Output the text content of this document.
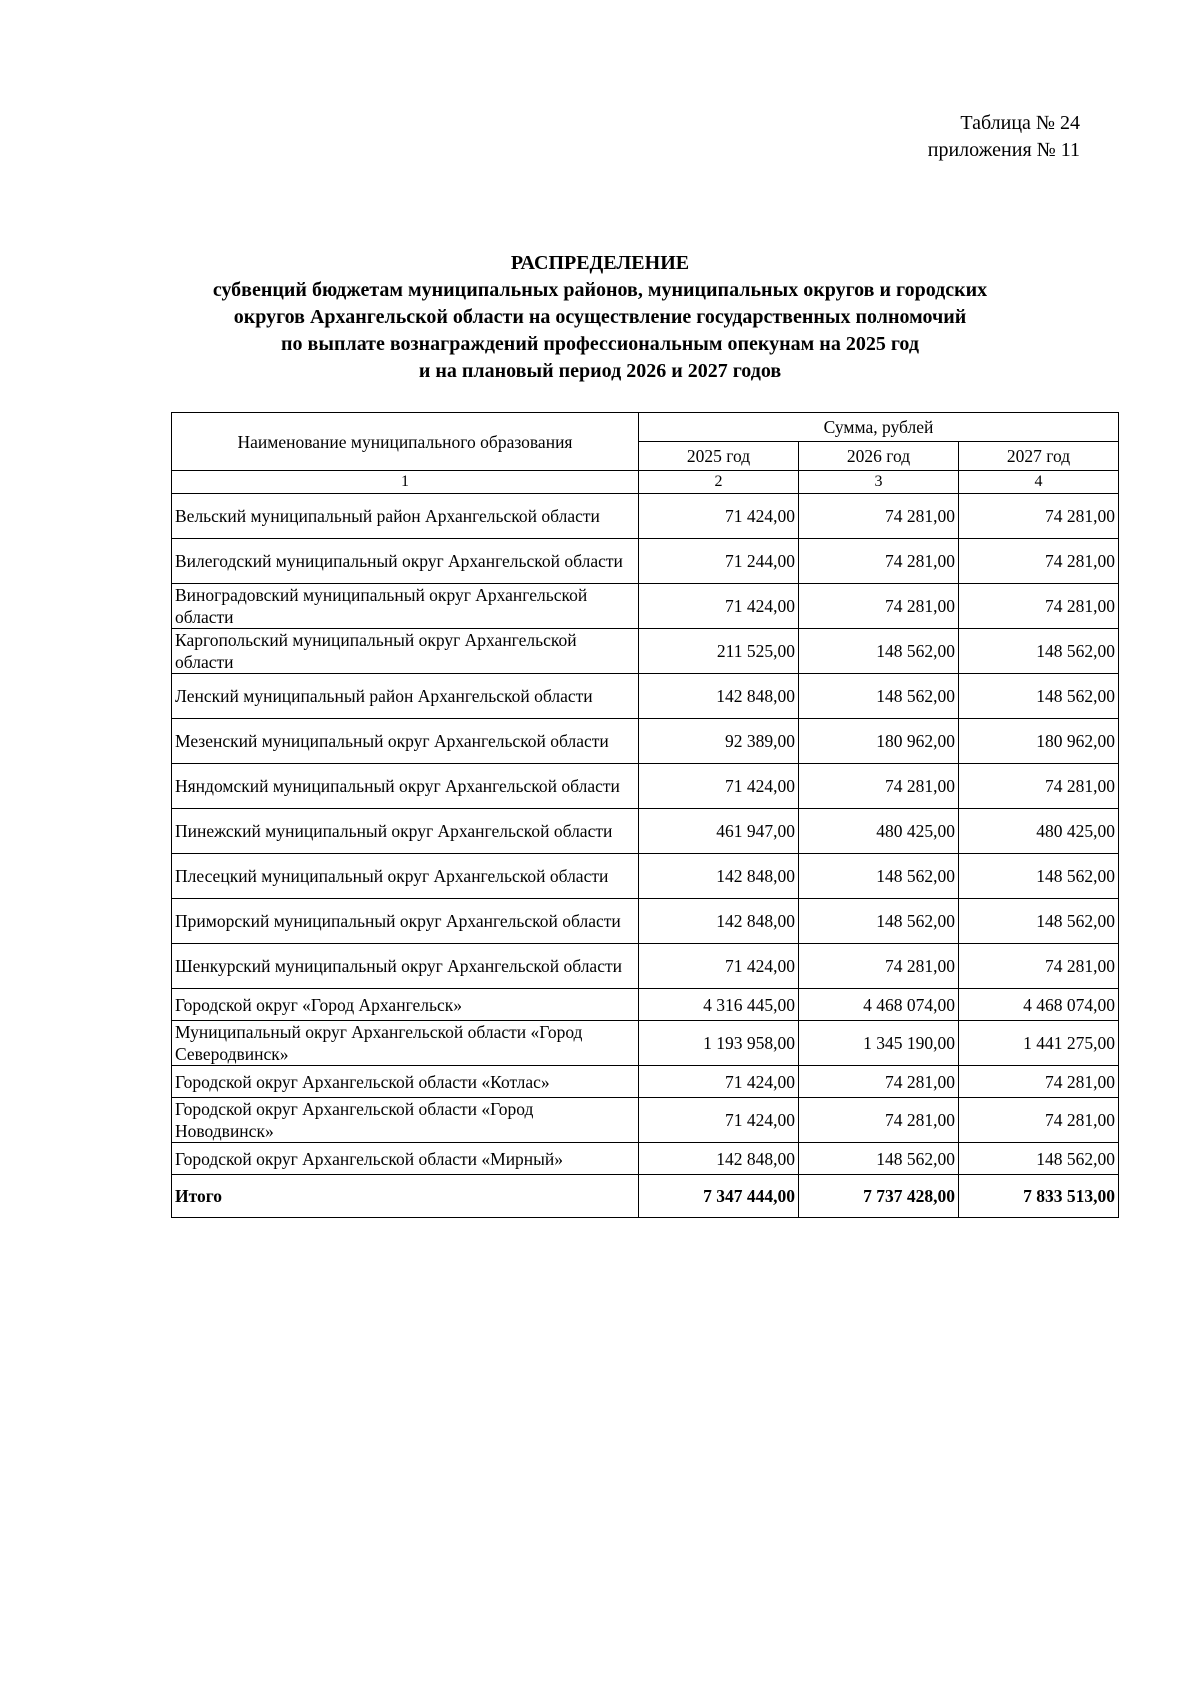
Таблица № 24
приложения № 11
РАСПРЕДЕЛЕНИЕ
субвенций бюджетам муниципальных районов, муниципальных округов и городских
округов Архангельской области на осуществление государственных полномочий
по выплате вознаграждений профессиональным опекунам на 2025 год
и на плановый период 2026 и 2027 годов
Наименование муниципального образования	Сумма, рублей		
	2025 год	2026 год	2027 год
1	2	3	4
Вельский муниципальный район Архангельской области	71 424,00	74 281,00	74 281,00
Вилегодский муниципальный округ Архангельской области	71 244,00	74 281,00	74 281,00
Виноградовский муниципальный округ Архангельской области	71 424,00	74 281,00	74 281,00
Каргопольский муниципальный округ Архангельской области	211 525,00	148 562,00	148 562,00
Ленский муниципальный район Архангельской области	142 848,00	148 562,00	148 562,00
Мезенский муниципальный округ Архангельской области	92 389,00	180 962,00	180 962,00
Няндомский муниципальный округ Архангельской области	71 424,00	74 281,00	74 281,00
Пинежский муниципальный округ Архангельской области	461 947,00	480 425,00	480 425,00
Плесецкий муниципальный округ Архангельской области	142 848,00	148 562,00	148 562,00
Приморский муниципальный округ Архангельской области	142 848,00	148 562,00	148 562,00
Шенкурский муниципальный округ Архангельской области	71 424,00	74 281,00	74 281,00
Городской округ «Город Архангельск»	4 316 445,00	4 468 074,00	4 468 074,00
Муниципальный округ Архангельской области «Город Северодвинск»	1 193 958,00	1 345 190,00	1 441 275,00
Городской округ Архангельской области «Котлас»	71 424,00	74 281,00	74 281,00
Городской округ Архангельской области «Город Новодвинск»	71 424,00	74 281,00	74 281,00
Городской округ Архангельской области «Мирный»	142 848,00	148 562,00	148 562,00
Итого	7 347 444,00	7 737 428,00	7 833 513,00
